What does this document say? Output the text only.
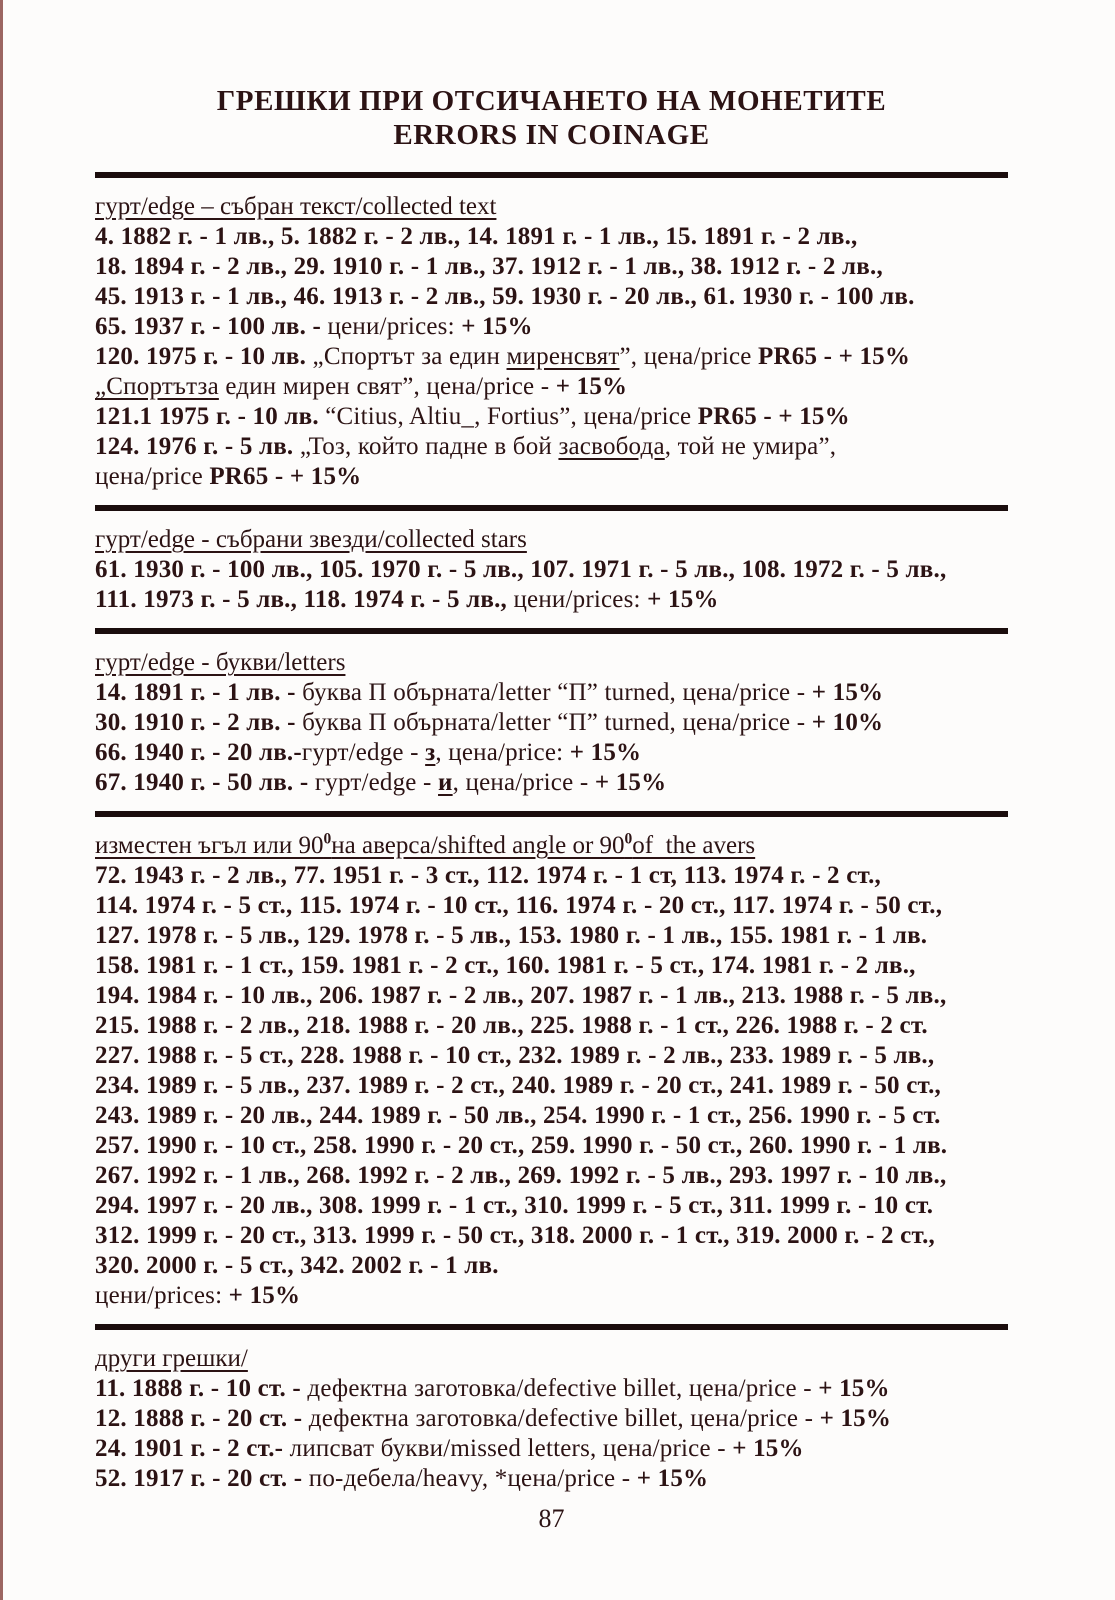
ГРЕШКИ ПРИ ОТСИЧАНЕТО НА МОНЕТИТЕ
ERRORS IN COINAGE
гурт/edge – събран текст/collected text
4. 1882 г. - 1 лв., 5. 1882 г. - 2 лв., 14. 1891 г. - 1 лв., 15. 1891 г. - 2 лв.,
18. 1894 г. - 2 лв., 29. 1910 г. - 1 лв., 37. 1912 г. - 1 лв., 38. 1912 г. - 2 лв.,
45. 1913 г. - 1 лв., 46. 1913 г. - 2 лв., 59. 1930 г. - 20 лв., 61. 1930 г. - 100 лв.
65. 1937 г. - 100 лв. - цени/prices: + 15%
120. 1975 г. - 10 лв. „Спортът за един миренсвят”, цена/price PR65 - + 15%
„Спортътза един мирен свят”, цена/price - + 15%
121.1 1975 г. - 10 лв. “Citius, Altiu_, Fortius”, цена/price PR65 - + 15%
124. 1976 г. - 5 лв. „Тоз, който падне в бой засвобода, той не умира”,
цена/price PR65 - + 15%
гурт/edge - събрани звезди/collected stars
61. 1930 г. - 100 лв., 105. 1970 г. - 5 лв., 107. 1971 г. - 5 лв., 108. 1972 г. - 5 лв.,
111. 1973 г. - 5 лв., 118. 1974 г. - 5 лв., цени/prices: + 15%
гурт/edge - букви/letters
14. 1891 г. - 1 лв. - буква П обърната/letter “П” turned, цена/price - + 15%
30. 1910 г. - 2 лв. - буква П обърната/letter “П” turned, цена/price - + 10%
66. 1940 г. - 20 лв.-гурт/edge - з, цена/price: + 15%
67. 1940 г. - 50 лв. - гурт/edge - и, цена/price - + 15%
изместен ъгъл или $90^0на$ аверса/shifted angle or $90^0of$  the avers
72. 1943 г. - 2 лв., 77. 1951 г. - 3 ст., 112. 1974 г. - 1 ст, 113. 1974 г. - 2 ст.,
114. 1974 г. - 5 ст., 115. 1974 г. - 10 ст., 116. 1974 г. - 20 ст., 117. 1974 г. - 50 ст.,
127. 1978 г. - 5 лв., 129. 1978 г. - 5 лв., 153. 1980 г. - 1 лв., 155. 1981 г. - 1 лв.
158. 1981 г. - 1 ст., 159. 1981 г. - 2 ст., 160. 1981 г. - 5 ст., 174. 1981 г. - 2 лв.,
194. 1984 г. - 10 лв., 206. 1987 г. - 2 лв., 207. 1987 г. - 1 лв., 213. 1988 г. - 5 лв.,
215. 1988 г. - 2 лв., 218. 1988 г. - 20 лв., 225. 1988 г. - 1 ст., 226. 1988 г. - 2 ст.
227. 1988 г. - 5 ст., 228. 1988 г. - 10 ст., 232. 1989 г. - 2 лв., 233. 1989 г. - 5 лв.,
234. 1989 г. - 5 лв., 237. 1989 г. - 2 ст., 240. 1989 г. - 20 ст., 241. 1989 г. - 50 ст.,
243. 1989 г. - 20 лв., 244. 1989 г. - 50 лв., 254. 1990 г. - 1 ст., 256. 1990 г. - 5 ст.
257. 1990 г. - 10 ст., 258. 1990 г. - 20 ст., 259. 1990 г. - 50 ст., 260. 1990 г. - 1 лв.
267. 1992 г. - 1 лв., 268. 1992 г. - 2 лв., 269. 1992 г. - 5 лв., 293. 1997 г. - 10 лв.,
294. 1997 г. - 20 лв., 308. 1999 г. - 1 ст., 310. 1999 г. - 5 ст., 311. 1999 г. - 10 ст.
312. 1999 г. - 20 ст., 313. 1999 г. - 50 ст., 318. 2000 г. - 1 ст., 319. 2000 г. - 2 ст.,
320. 2000 г. - 5 ст., 342. 2002 г. - 1 лв.
цени/prices: + 15%
други грешки/
11. 1888 г. - 10 ст. - дефектна заготовка/defective billet, цена/price - + 15%
12. 1888 г. - 20 ст. - дефектна заготовка/defective billet, цена/price - + 15%
24. 1901 г. - 2 ст.- липсват букви/missed letters, цена/price - + 15%
52. 1917 г. - 20 ст. - по-дебела/heavy, *цена/price - + 15%
87
